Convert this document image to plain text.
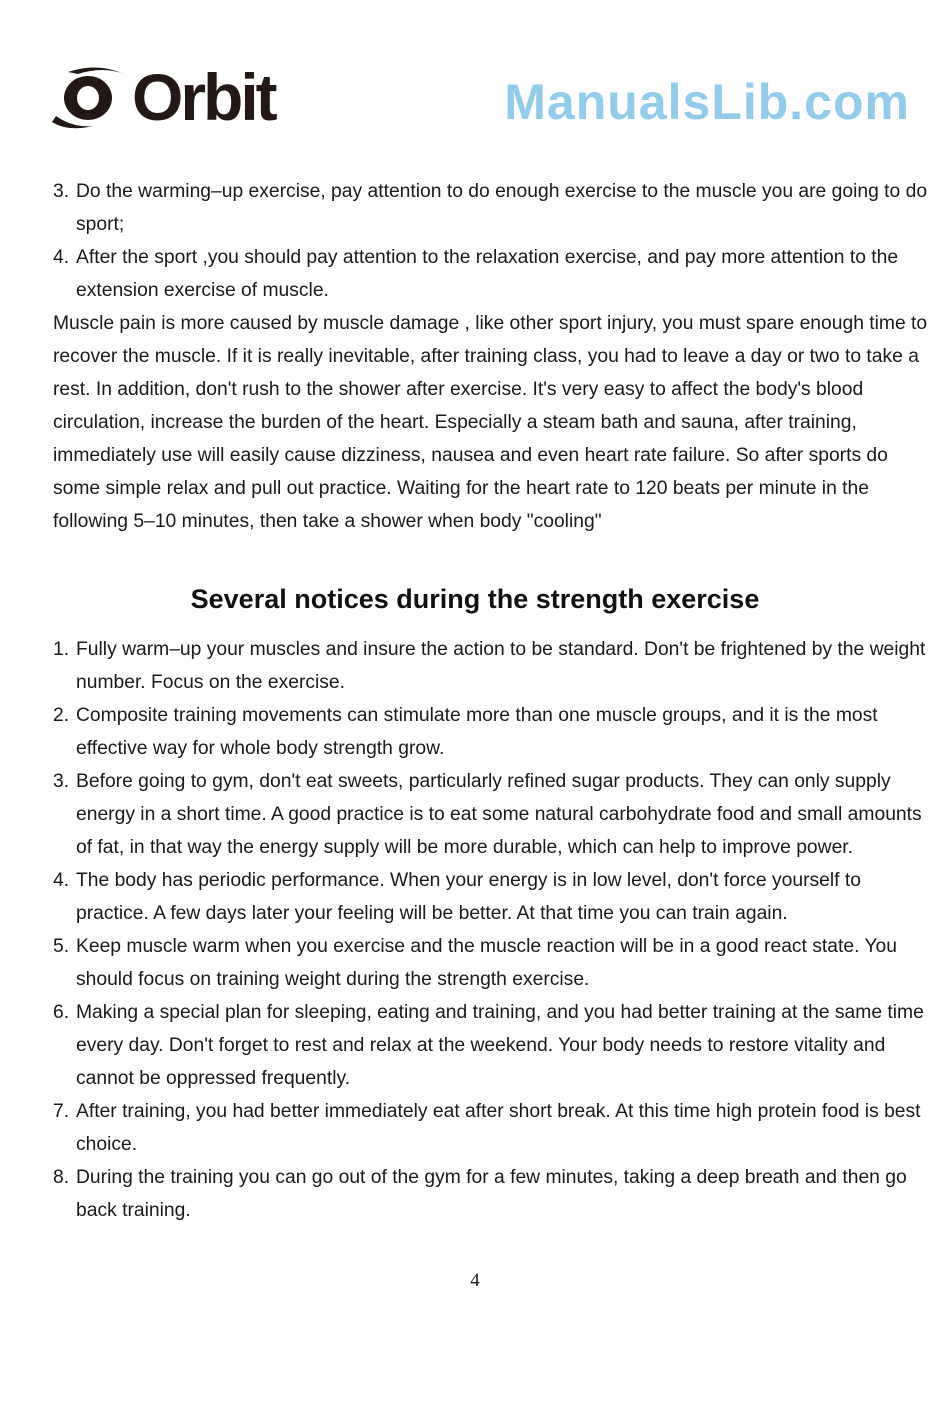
Orbit	ManualsLib.com
3. Do the warming–up exercise, pay attention to do enough exercise to the muscle you are going to do sport;
4. After the sport ,you should pay attention to the relaxation exercise, and pay more attention to the extension exercise of muscle.

Muscle pain is more caused by muscle damage , like other sport injury, you must spare enough time to recover the muscle. If it is really inevitable, after training class, you had to leave a day or two to take a rest. In addition, don't rush to the shower after exercise. It's very easy to affect the body's blood circulation, increase the burden of the heart. Especially a steam bath and sauna, after training, immediately use will easily cause dizziness, nausea and even heart rate failure. So after sports do some simple relax and pull out practice. Waiting for the heart rate to 120 beats per minute in the following 5–10 minutes, then take a shower when body "cooling"

Several notices during the strength exercise
1. Fully warm–up your muscles and insure the action to be standard. Don't be frightened by the weight number. Focus on the exercise.
2. Composite training movements can stimulate more than one muscle groups, and it is the most effective way for whole body strength grow.
3. Before going to gym, don't eat sweets, particularly refined sugar products. They can only supply energy in a short time. A good practice is to eat some natural carbohydrate food and small amounts of fat, in that way the energy supply will be more durable, which can help to improve power.
4. The body has periodic performance. When your energy is in low level, don't force yourself to practice. A few days later your feeling will be better. At that time you can train again.
5. Keep muscle warm when you exercise and the muscle reaction will be in a good react state. You should focus on training weight during the strength exercise.
6. Making a special plan for sleeping, eating and training, and you had better training at the same time every day. Don't forget to rest and relax at the weekend. Your body needs to restore vitality and cannot be oppressed frequently.
7. After training, you had better immediately eat after short break. At this time high protein food is best choice.
8. During the training you can go out of the gym for a few minutes, taking a deep breath and then go back training.
4
